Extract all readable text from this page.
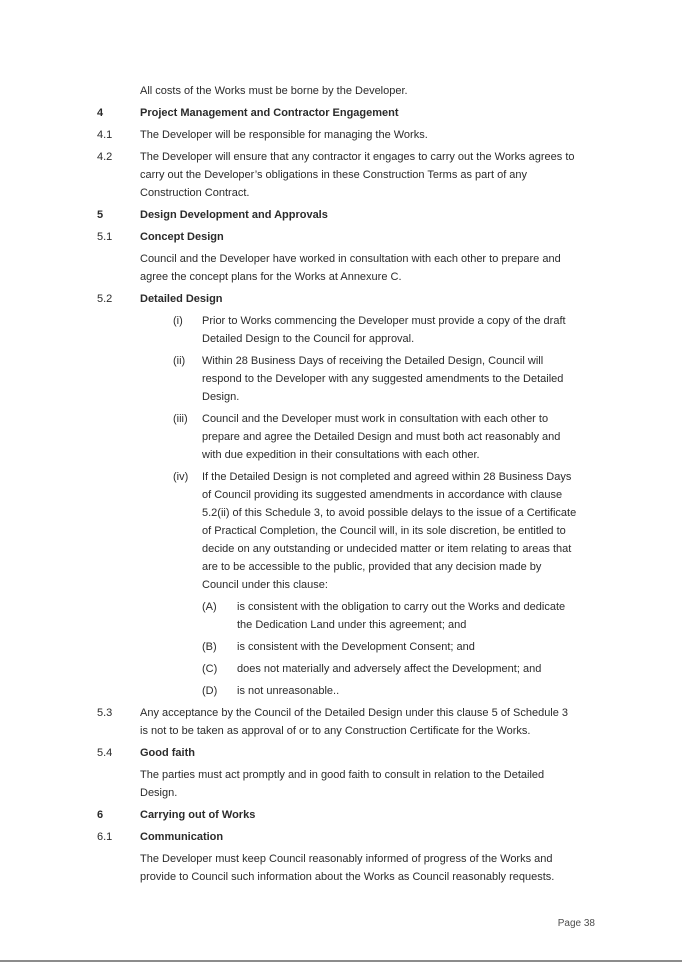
All costs of the Works must be borne by the Developer.
4	Project Management and Contractor Engagement
4.1	The Developer will be responsible for managing the Works.
4.2	The Developer will ensure that any contractor it engages to carry out the Works agrees to carry out the Developer’s obligations in these Construction Terms as part of any Construction Contract.
5	Design Development and Approvals
5.1	Concept Design
Council and the Developer have worked in consultation with each other to prepare and agree the concept plans for the Works at Annexure C.
5.2	Detailed Design
(i)	Prior to Works commencing the Developer must provide a copy of the draft Detailed Design to the Council for approval.
(ii)	Within 28 Business Days of receiving the Detailed Design, Council will respond to the Developer with any suggested amendments to the Detailed Design.
(iii)	Council and the Developer must work in consultation with each other to prepare and agree the Detailed Design and must both act reasonably and with due expedition in their consultations with each other.
(iv)	If the Detailed Design is not completed and agreed within 28 Business Days of Council providing its suggested amendments in accordance with clause 5.2(ii) of this Schedule 3, to avoid possible delays to the issue of a Certificate of Practical Completion, the Council will, in its sole discretion, be entitled to decide on any outstanding or undecided matter or item relating to areas that are to be accessible to the public, provided that any decision made by Council under this clause:
(A)	is consistent with the obligation to carry out the Works and dedicate the Dedication Land under this agreement; and
(B)	is consistent with the Development Consent; and
(C)	does not materially and adversely affect the Development; and
(D)	is not unreasonable..
5.3	Any acceptance by the Council of the Detailed Design under this clause 5 of Schedule 3 is not to be taken as approval of or to any Construction Certificate for the Works.
5.4	Good faith
The parties must act promptly and in good faith to consult in relation to the Detailed Design.
6	Carrying out of Works
6.1	Communication
The Developer must keep Council reasonably informed of progress of the Works and provide to Council such information about the Works as Council reasonably requests.
Page 38
